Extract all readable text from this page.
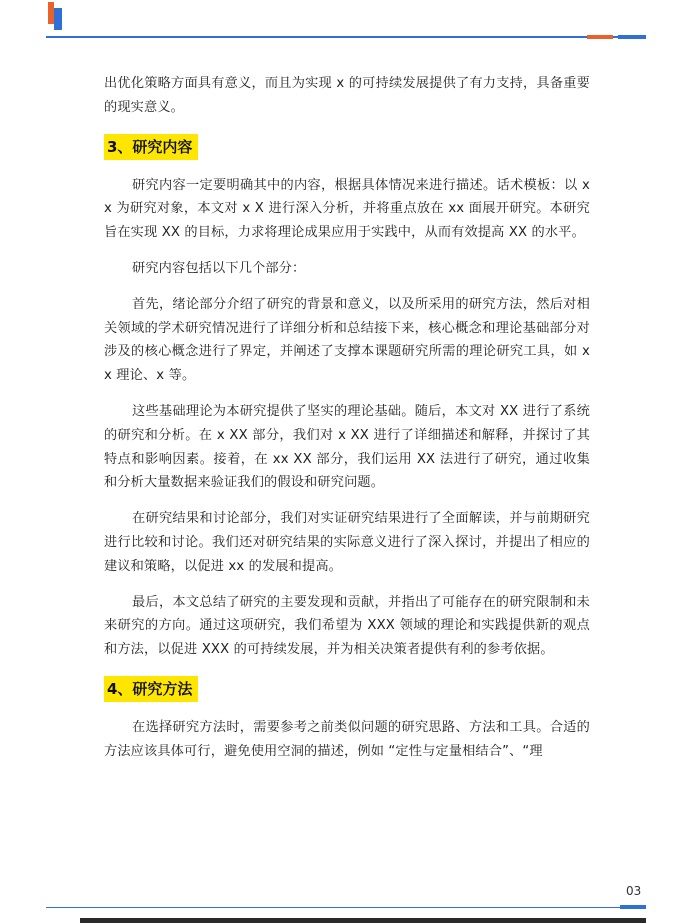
出优化策略方面具有意义，而且为实现 x 的可持续发展提供了有力支持，具备重要的现实意义。

3、研究内容

研究内容一定要明确其中的内容，根据具体情况来进行描述。话术模板：以 xx 为研究对象，本文对 x X 进行深入分析，并将重点放在 xx 面展开研究。本研究旨在实现 XX 的目标，力求将理论成果应用于实践中，从而有效提高 XX 的水平。

研究内容包括以下几个部分：

首先，绪论部分介绍了研究的背景和意义，以及所采用的研究方法，然后对相关领域的学术研究情况进行了详细分析和总结接下来，核心概念和理论基础部分对涉及的核心概念进行了界定，并阐述了支撑本课题研究所需的理论研究工具，如 xx 理论、x 等。

这些基础理论为本研究提供了坚实的理论基础。随后，本文对 XX 进行了系统的研究和分析。在 x XX 部分，我们对 x XX 进行了详细描述和解释，并探讨了其特点和影响因素。接着，在 xx XX 部分，我们运用 XX 法进行了研究，通过收集和分析大量数据来验证我们的假设和研究问题。

在研究结果和讨论部分，我们对实证研究结果进行了全面解读，并与前期研究进行比较和讨论。我们还对研究结果的实际意义进行了深入探讨，并提出了相应的建议和策略，以促进 xx 的发展和提高。

最后，本文总结了研究的主要发现和贡献，并指出了可能存在的研究限制和未来研究的方向。通过这项研究，我们希望为 XXX 领域的理论和实践提供新的观点和方法，以促进 XXX 的可持续发展，并为相关决策者提供有利的参考依据。

4、研究方法

在选择研究方法时，需要参考之前类似问题的研究思路、方法和工具。合适的方法应该具体可行，避免使用空洞的描述，例如 “定性与定量相结合”、“理

03
